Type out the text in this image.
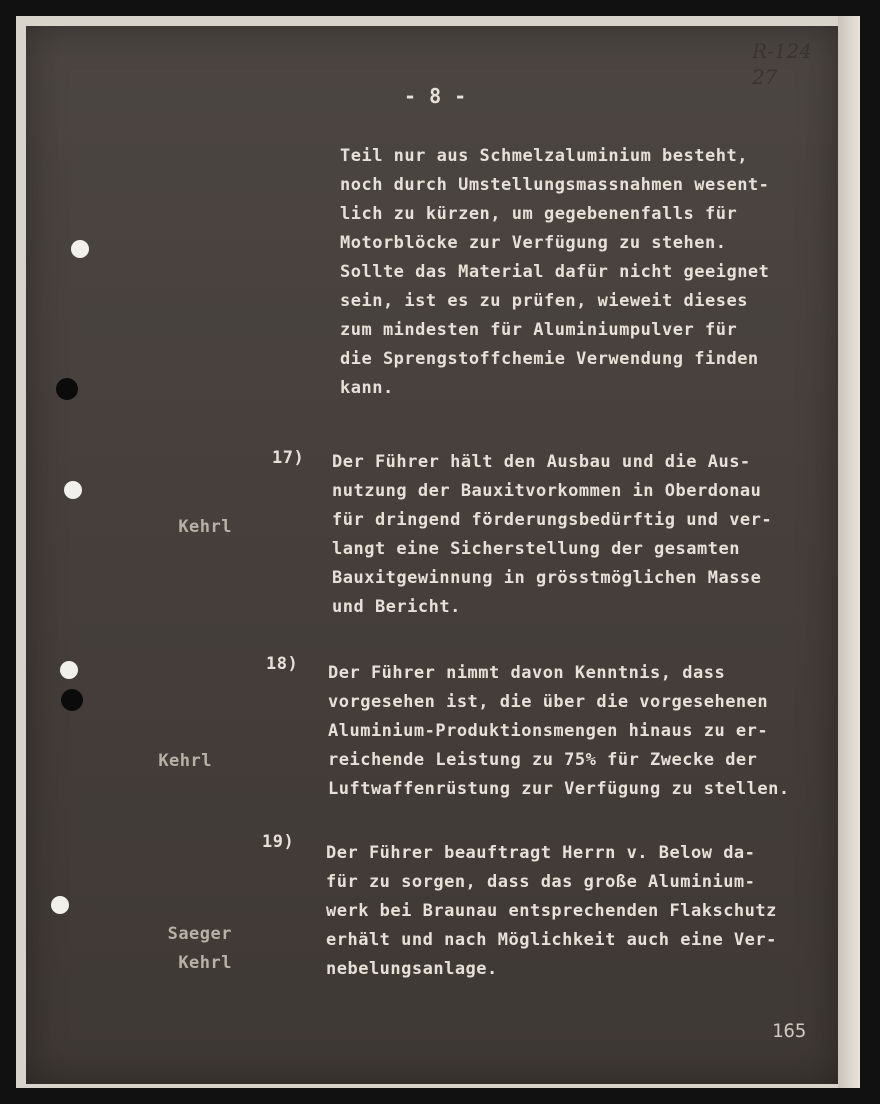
- 8 -
R-124
27
Teil nur aus Schmelzaluminium besteht,
noch durch Umstellungsmassnahmen wesent-
lich zu kürzen, um gegebenenfalls für
Motorblöcke zur Verfügung zu stehen.
Sollte das Material dafür nicht geeignet
sein, ist es zu prüfen, wieweit dieses
zum mindesten für Aluminiumpulver für
die Sprengstoffchemie Verwendung finden
kann.
17)
Kehrl
Der Führer hält den Ausbau und die Aus-
nutzung der Bauxitvorkommen in Oberdonau
für dringend förderungsbedürftig und ver-
langt eine Sicherstellung der gesamten
Bauxitgewinnung in grösstmöglichen Masse
und Bericht.
18)
Kehrl
Der Führer nimmt davon Kenntnis, dass
vorgesehen ist, die über die vorgesehenen
Aluminium-Produktionsmengen hinaus zu er-
reichende Leistung zu 75% für Zwecke der
Luftwaffenrüstung zur Verfügung zu stellen.
19)
Saeger
Kehrl
Der Führer beauftragt Herrn v. Below da-
für zu sorgen, dass das große Aluminium-
werk bei Braunau entsprechenden Flakschutz
erhält und nach Möglichkeit auch eine Ver-
nebelungsanlage.
165
